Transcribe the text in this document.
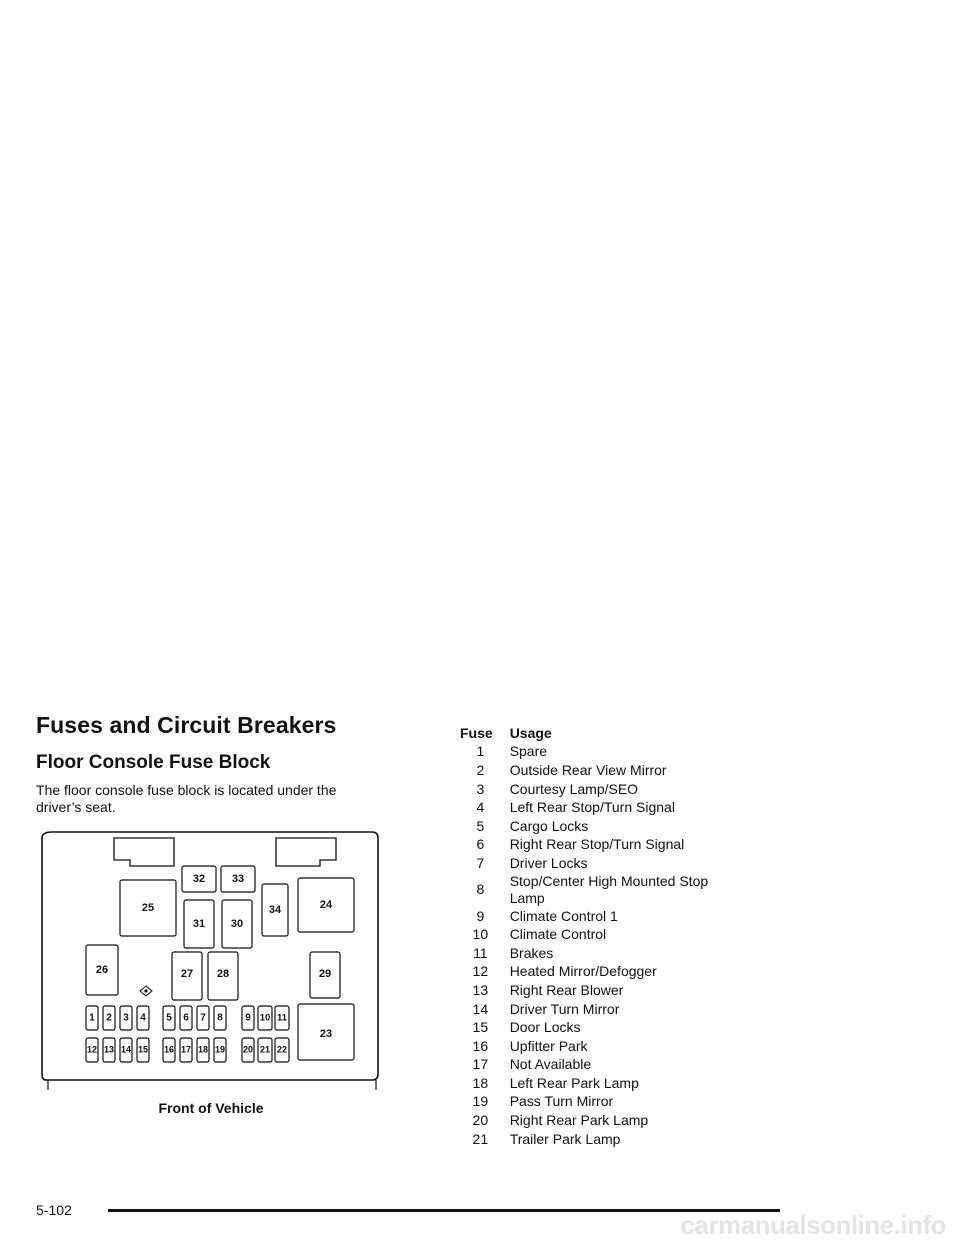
Fuses and Circuit Breakers
Floor Console Fuse Block

The floor console fuse block is located under the driver’s seat.

25
32 33
31 30
34	24
26	27 28	29
23
1 2 3 4 5 6 7 8 9 10 11
12 13 14 15 16 17 18 19 20 21 22
Front of Vehicle
Fuse	Usage
1	Spare
2	Outside Rear View Mirror
3	Courtesy Lamp/SEO
4	Left Rear Stop/Turn Signal
5	Cargo Locks
6	Right Rear Stop/Turn Signal
7	Driver Locks
8	Stop/Center High Mounted Stop Lamp
9	Climate Control 1
10	Climate Control
11	Brakes
12	Heated Mirror/Defogger
13	Right Rear Blower
14	Driver Turn Mirror
15	Door Locks
16	Upfitter Park
17	Not Available
18	Left Rear Park Lamp
19	Pass Turn Mirror
20	Right Rear Park Lamp
21	Trailer Park Lamp
5-102	carmanualsonline.info
